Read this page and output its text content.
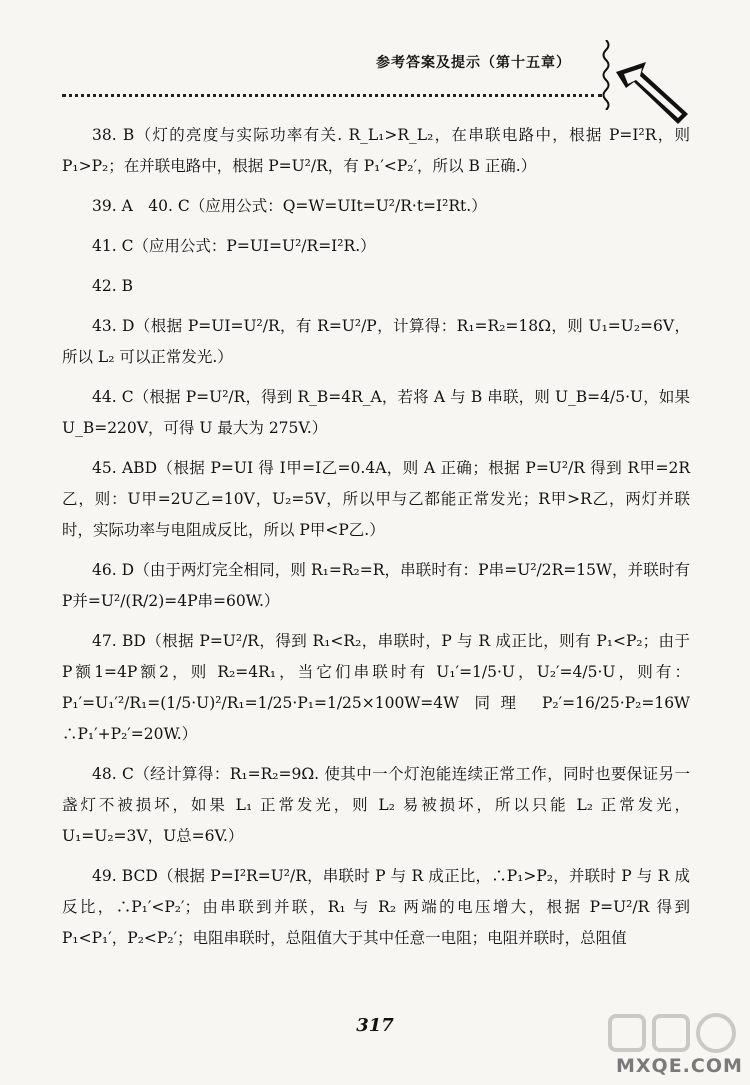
参考答案及提示（第十五章）

38. B（灯的亮度与实际功率有关. R_L₁>R_L₂，在串联电路中，根据 P=I²R，则 P₁>P₂；在并联电路中，根据 P=U²/R，有 P₁′<P₂′，所以 B 正确.）

39. A　40. C（应用公式：Q=W=UIt=U²/R·t=I²Rt.）

41. C（应用公式：P=UI=U²/R=I²R.）

42. B

43. D（根据 P=UI=U²/R，有 R=U²/P，计算得：R₁=R₂=18Ω，则 U₁=U₂=6V，所以 L₂ 可以正常发光.）

44. C（根据 P=U²/R，得到 R_B=4R_A，若将 A 与 B 串联，则 U_B=4/5·U，如果 U_B=220V，可得 U 最大为 275V.）

45. ABD（根据 P=UI 得 I甲=I乙=0.4A，则 A 正确；根据 P=U²/R 得到 R甲=2R乙，则：U甲=2U乙=10V，U₂=5V，所以甲与乙都能正常发光；R甲>R乙，两灯并联时，实际功率与电阻成反比，所以 P甲<P乙.）

46. D（由于两灯完全相同，则 R₁=R₂=R，串联时有：P串=U²/2R=15W，并联时有 P并=U²/(R/2)=4P串=60W.）

47. BD（根据 P=U²/R，得到 R₁<R₂，串联时，P 与 R 成正比，则有 P₁<P₂；由于 P额1=4P额2，则 R₂=4R₁，当它们串联时有 U₁′=1/5·U，U₂′=4/5·U，则有：P₁′=U₁′²/R₁=(1/5·U)²/R₁=1/25·P₁=1/25×100W=4W 同理 P₂′=16/25·P₂=16W　∴P₁′+P₂′=20W.）

48. C（经计算得：R₁=R₂=9Ω. 使其中一个灯泡能连续正常工作，同时也要保证另一盏灯不被损坏，如果 L₁ 正常发光，则 L₂ 易被损坏，所以只能 L₂ 正常发光，U₁=U₂=3V，U总=6V.）

49. BCD（根据 P=I²R=U²/R，串联时 P 与 R 成正比，∴P₁>P₂，并联时 P 与 R 成反比，∴P₁′<P₂′；由串联到并联，R₁ 与 R₂ 两端的电压增大，根据 P=U²/R 得到 P₁<P₁′，P₂<P₂′；电阻串联时，总阻值大于其中任意一电阻；电阻并联时，总阻值

317
MXQE.COM
